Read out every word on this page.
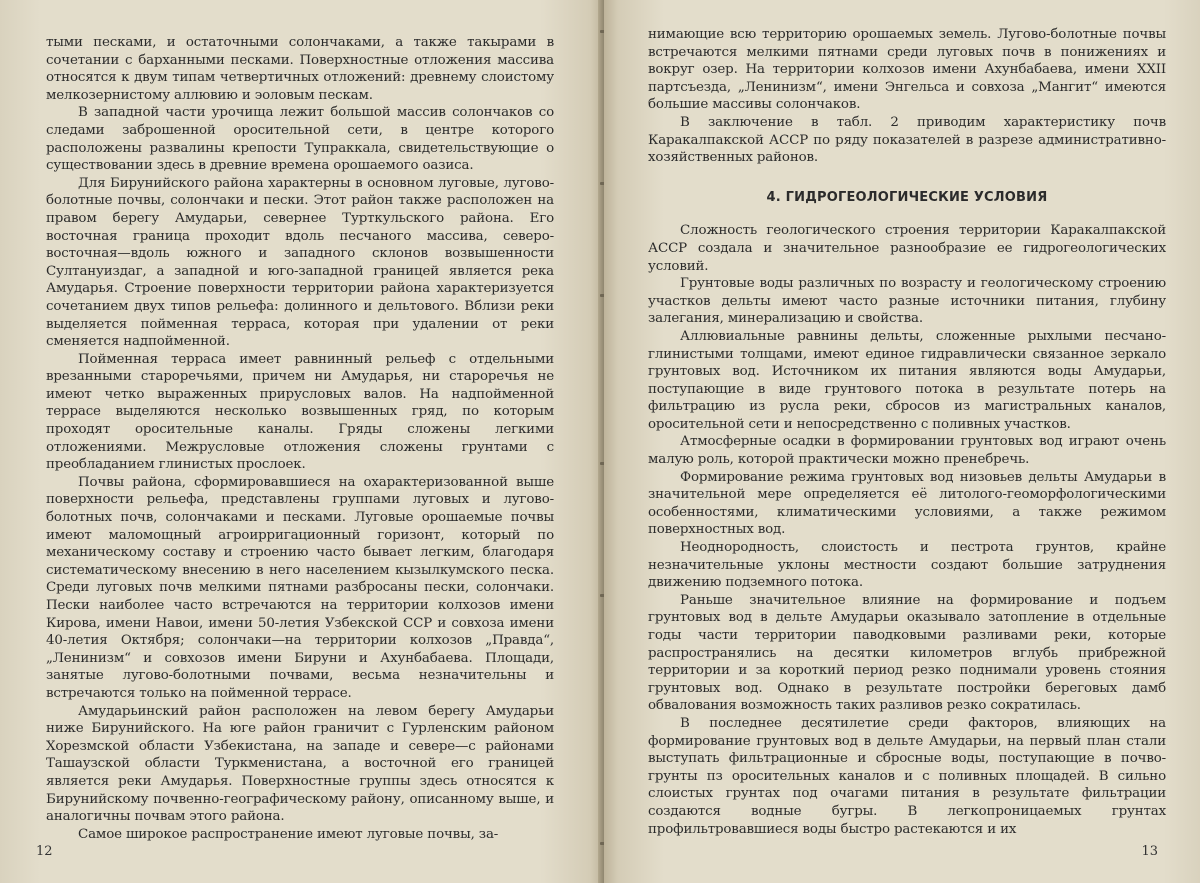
тыми песками, и остаточными солончаками, а также такырами в сочетании с барханными песками. Поверхностные отложения массива относятся к двум типам четвертичных отложений: древнему слоистому мелкозернистому аллювию и эоловым пескам.

В западной части урочища лежит большой массив солончаков со следами заброшенной оросительной сети, в центре которого расположены развалины крепости Тупраккала, свидетельствующие о существовании здесь в древние времена орошаемого оазиса.

Для Бирунийского района характерны в основном луговые, лугово-болотные почвы, солончаки и пески. Этот район также расположен на правом берегу Амударьи, севернее Турткульского района. Его восточная граница проходит вдоль песчаного массива, северо-восточная—вдоль южного и западного склонов возвышенности Султануиздаг, а западной и юго-западной границей является река Амударья. Строение поверхности территории района характеризуется сочетанием двух типов рельефа: долинного и дельтового. Вблизи реки выделяется пойменная терраса, которая при удалении от реки сменяется надпойменной.

Пойменная терраса имеет равнинный рельеф с отдельными врезанными староречьями, причем ни Амударья, ни староречья не имеют четко выраженных прирусловых валов. На надпойменной террасе выделяются несколько возвышенных гряд, по которым проходят оросительные каналы. Гряды сложены легкими отложениями. Межрусловые отложения сложены грунтами с преобладанием глинистых прослоек.

Почвы района, сформировавшиеся на охарактеризованной выше поверхности рельефа, представлены группами луговых и лугово-болотных почв, солончаками и песками. Луговые орошаемые почвы имеют маломощный агроирригационный горизонт, который по механическому составу и строению часто бывает легким, благодаря систематическому внесению в него населением кызылкумского песка. Среди луговых почв мелкими пятнами разбросаны пески, солончаки. Пески наиболее часто встречаются на территории колхозов имени Кирова, имени Навои, имени 50-летия Узбекской ССР и совхоза имени 40-летия Октября; солончаки—на территории колхозов „Правда“, „Ленинизм“ и совхозов имени Бируни и Ахунбабаева. Площади, занятые лугово-болотными почвами, весьма незначительны и встречаются только на пойменной террасе.

Амударьинский район расположен на левом берегу Амударьи ниже Бирунийского. На юге район граничит с Гурленским районом Хорезмской области Узбекистана, на западе и севере—с районами Ташаузской области Туркменистана, а восточной его границей является реки Амударья. Поверхностные группы здесь относятся к Бирунийскому почвенно-географическому району, описанному выше, и аналогичны почвам этого района.

Самое широкое распространение имеют луговые почвы, за-

12

нимающие всю территорию орошаемых земель. Лугово-болотные почвы встречаются мелкими пятнами среди луговых почв в понижениях и вокруг озер. На территории колхозов имени Ахунбабаева, имени XXII партсъезда, „Ленинизм“, имени Энгельса и совхоза „Мангит“ имеются большие массивы солончаков.

В заключение в табл. 2 приводим характеристику почв Каракалпакской АССР по ряду показателей в разрезе административно-хозяйственных районов.

4. ГИДРОГЕОЛОГИЧЕСКИЕ УСЛОВИЯ

Сложность геологического строения территории Каракалпакской АССР создала и значительное разнообразие ее гидрогеологических условий.

Грунтовые воды различных по возрасту и геологическому строению участков дельты имеют часто разные источники питания, глубину залегания, минерализацию и свойства.

Аллювиальные равнины дельты, сложенные рыхлыми песчано-глинистыми толщами, имеют единое гидравлически связанное зеркало грунтовых вод. Источником их питания являются воды Амударьи, поступающие в виде грунтового потока в результате потерь на фильтрацию из русла реки, сбросов из магистральных каналов, оросительной сети и непосредственно с поливных участков.

Атмосферные осадки в формировании грунтовых вод играют очень малую роль, которой практически можно пренебречь.

Формирование режима грунтовых вод низовьев дельты Амударьи в значительной мере определяется её литолого-геоморфологическими особенностями, климатическими условиями, а также режимом поверхностных вод.

Неоднородность, слоистость и пестрота грунтов, крайне незначительные уклоны местности создают большие затруднения движению подземного потока.

Раньше значительное влияние на формирование и подъем грунтовых вод в дельте Амударьи оказывало затопление в отдельные годы части территории паводковыми разливами реки, которые распространялись на десятки километров вглубь прибрежной территории и за короткий период резко поднимали уровень стояния грунтовых вод. Однако в результате постройки береговых дамб обвалования возможность таких разливов резко сократилась.

В последнее десятилетие среди факторов, влияющих на формирование грунтовых вод в дельте Амударьи, на первый план стали выступать фильтрационные и сбросные воды, поступающие в почво-грунты пз оросительных каналов и с поливных площадей. В сильно слоистых грунтах под очагами питания в результате фильтрации создаются водные бугры. В легкопроницаемых грунтах профильтровавшиеся воды быстро растекаются и их

13
